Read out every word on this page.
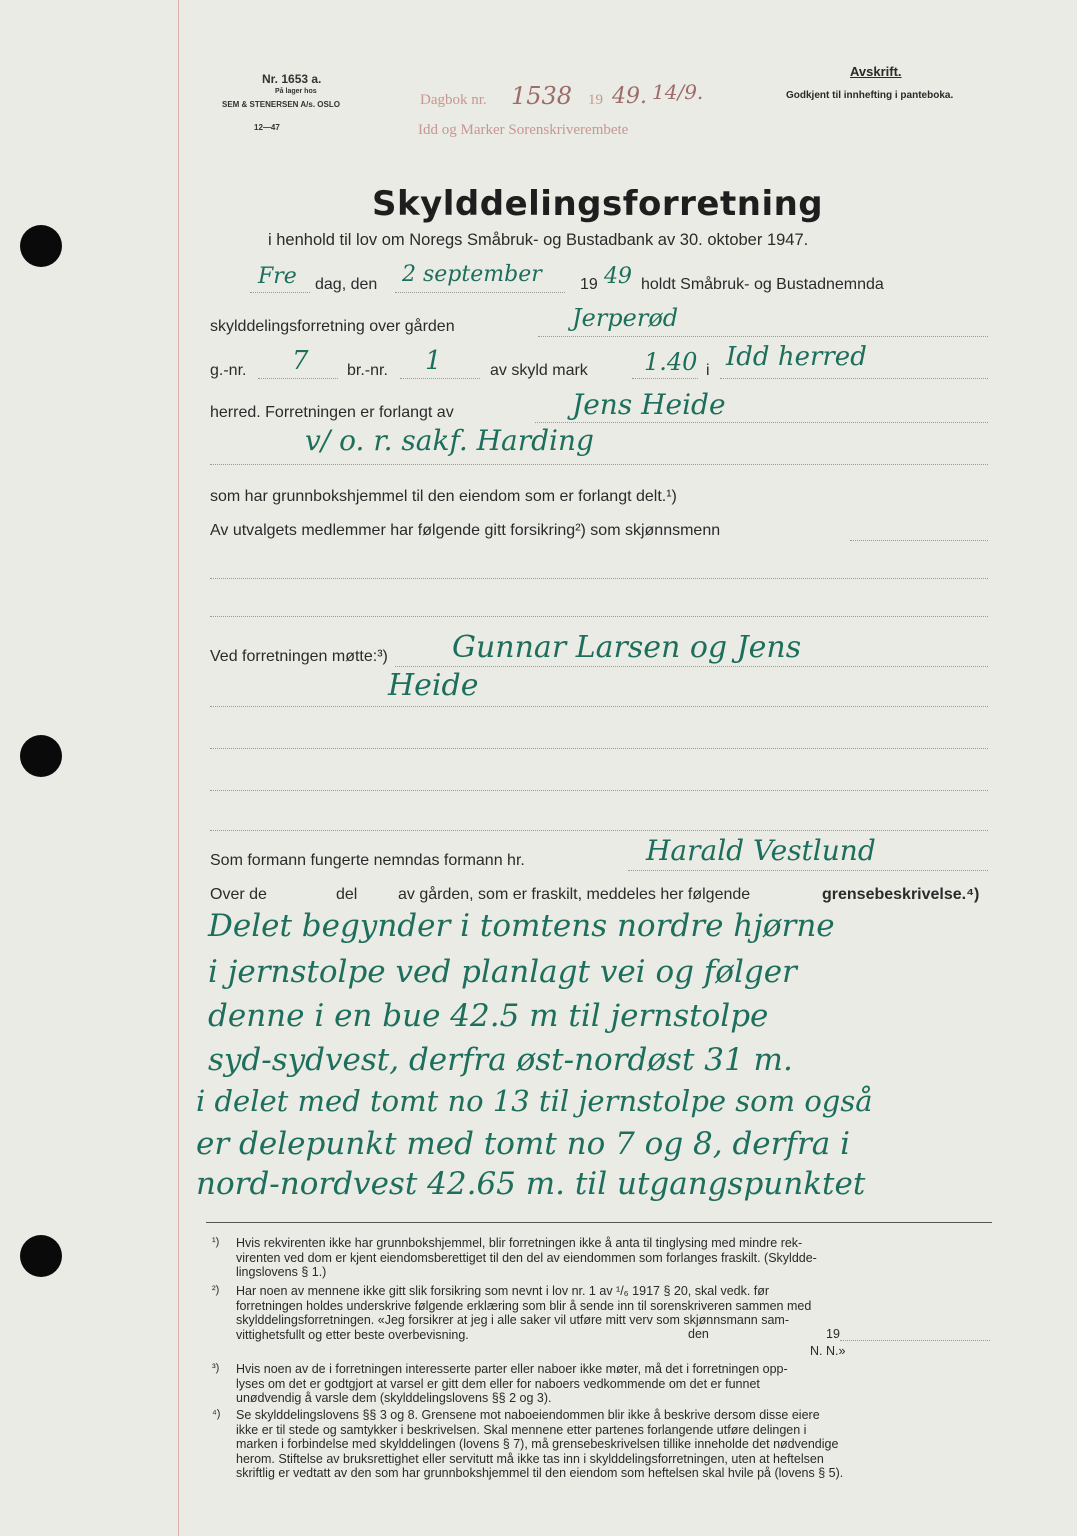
Nr. 1653 a.
På lager hos
SEM & STENERSEN A/s. OSLO
12—47
Dagbok nr. 1538 19 49. 14/9.
Idd og Marker Sorenskriverembete
Avskrift.
Godkjent til innhefting i panteboka.
Skylddelingsforretning
i henhold til lov om Noregs Småbruk- og Bustadbank av 30. oktober 1947.
Fre dag, den 2 september 19 49 holdt Småbruk- og Bustadnemnda
skylddelingsforretning over gården	Jerperød
g.-nr. 7 br.-nr. 1	av skyld mark 1.40 i Idd herred
herred. Forretningen er forlangt av	Jens Heide
v/ o. r. sakf. Harding
som har grunnbokshjemmel til den eiendom som er forlangt delt.¹)
Av utvalgets medlemmer har følgende gitt forsikring²) som skjønnsmenn
Ved forretningen møtte:³) Gunnar Larsen og Jens
Heide
Som formann fungerte nemndas formann hr.	Harald Vestlund
Over de	del	av gården, som er fraskilt, meddeles her følgende	grensebeskrivelse.⁴)
Delet begynder i tomtens nordre hjørne
i jernstolpe ved planlagt vei og følger
denne i en bue 42.5 m til jernstolpe
syd-sydvest, derfra øst-nordøst 31 m.
i delet med tomt no 13 til jernstolpe som også
er delepunkt med tomt no 7 og 8, derfra i
nord-nordvest 42.65 m. til utgangspunktet
¹) Hvis rekvirenten ikke har grunnbokshjemmel, blir forretningen ikke å anta til tinglysing med mindre rek-
virenten ved dom er kjent eiendomsberettiget til den del av eiendommen som forlanges fraskilt. (Skyldde-
lingslovens § 1.)
²) Har noen av mennene ikke gitt slik forsikring som nevnt i lov nr. 1 av ¹/₆ 1917 § 20, skal vedk. før
forretningen holdes underskrive følgende erklæring som blir å sende inn til sorenskriveren sammen med
skylddelingsforretningen. «Jeg forsikrer at jeg i alle saker vil utføre mitt verv som skjønnsmann sam-
vittighetsfullt og etter beste overbevisning.	den	19
N. N.»
³) Hvis noen av de i forretningen interesserte parter eller naboer ikke møter, må det i forretningen opp-
lyses om det er godtgjort at varsel er gitt dem eller for naboers vedkommende om det er funnet
unødvendig å varsle dem (skylddelingslovens §§ 2 og 3).
⁴) Se skylddelingslovens §§ 3 og 8. Grensene mot naboeiendommen blir ikke å beskrive dersom disse eiere
ikke er til stede og samtykker i beskrivelsen. Skal mennene etter partenes forlangende utføre delingen i
marken i forbindelse med skylddelingen (lovens § 7), må grensebeskrivelsen tillike inneholde det nødvendige
herom. Stiftelse av bruksrettighet eller servitutt må ikke tas inn i skylddelingsforretningen, uten at heftelsen
skriftlig er vedtatt av den som har grunnbokshjemmel til den eiendom som heftelsen skal hvile på (lovens § 5).
